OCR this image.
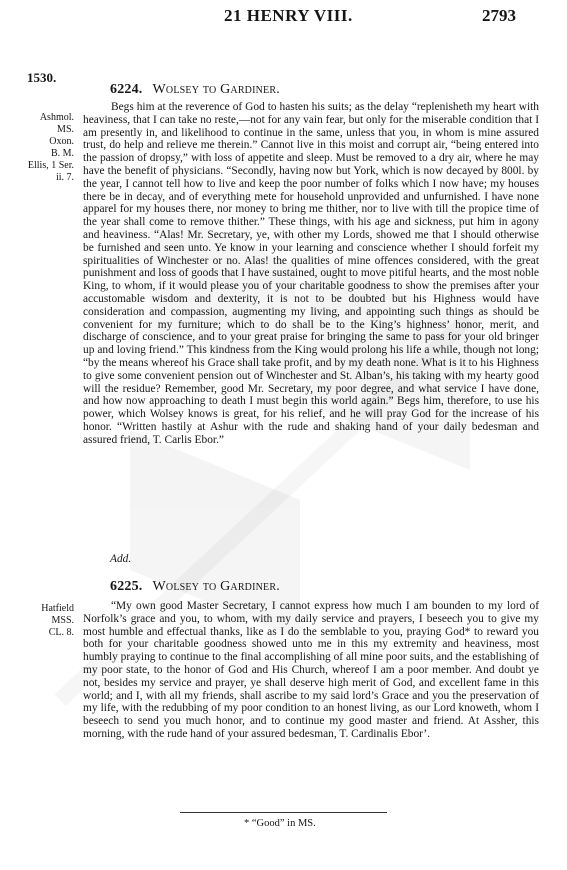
21 HENRY VIII.	2793
1530.
6224. Wolsey to Gardiner.
Ashmol. MS.
Oxon.
B. M.
Ellis, 1 Ser.
ii. 7.

Begs him at the reverence of God to hasten his suits; as the delay “replenisheth my heart with heaviness, that I can take no reste,—not for any vain fear, but only for the miserable condition that I am presently in, and likelihood to continue in the same, unless that you, in whom is mine assured trust, do help and relieve me therein.” Cannot live in this moist and corrupt air, “being entered into the passion of dropsy,” with loss of appetite and sleep. Must be removed to a dry air, where he may have the benefit of physicians. “Secondly, having now but York, which is now decayed by 800l. by the year, I cannot tell how to live and keep the poor number of folks which I now have; my houses there be in decay, and of everything mete for household unprovided and unfurnished. I have none apparel for my houses there, nor money to bring me thither, nor to live with till the propice time of the year shall come to remove thither.” These things, with his age and sickness, put him in agony and heaviness. “Alas! Mr. Secretary, ye, with other my Lords, showed me that I should otherwise be furnished and seen unto. Ye know in your learning and conscience whether I should forfeit my spiritualities of Winchester or no. Alas! the qualities of mine offences considered, with the great punishment and loss of goods that I have sustained, ought to move pitiful hearts, and the most noble King, to whom, if it would please you of your charitable goodness to show the premises after your accustomable wisdom and dexterity, it is not to be doubted but his Highness would have consideration and compassion, augmenting my living, and appointing such things as should be convenient for my furniture; which to do shall be to the King’s highness’ honor, merit, and discharge of conscience, and to your great praise for bringing the same to pass for your old bringer up and loving friend.” This kindness from the King would prolong his life a while, though not long; “by the means whereof his Grace shall take profit, and by my death none. What is it to his Highness to give some convenient pension out of Winchester and St. Alban’s, his taking with my hearty good will the residue? Remember, good Mr. Secretary, my poor degree, and what service I have done, and how now approaching to death I must begin this world again.” Begs him, therefore, to use his power, which Wolsey knows is great, for his relief, and he will pray God for the increase of his honor. “Written hastily at Ashur with the rude and shaking hand of your daily bedesman and assured friend, T. Carlis Ebor.”

Add.
6225. Wolsey to Gardiner.
Hatfield MSS.
CL. 8.

“My own good Master Secretary, I cannot express how much I am bounden to my lord of Norfolk’s grace and you, to whom, with my daily service and prayers, I beseech you to give my most humble and effectual thanks, like as I do the semblable to you, praying God* to reward you both for your charitable goodness showed unto me in this my extremity and heaviness, most humbly praying to continue to the final accomplishing of all mine poor suits, and the establishing of my poor state, to the honor of God and His Church, whereof I am a poor member. And doubt ye not, besides my service and prayer, ye shall deserve high merit of God, and excellent fame in this world; and I, with all my friends, shall ascribe to my said lord’s Grace and you the preservation of my life, with the redubbing of my poor condition to an honest living, as our Lord knoweth, whom I beseech to send you much honor, and to continue my good master and friend. At Assher, this morning, with the rude hand of your assured bedesman, T. Cardinalis Ebor’.

* “Good” in MS.
